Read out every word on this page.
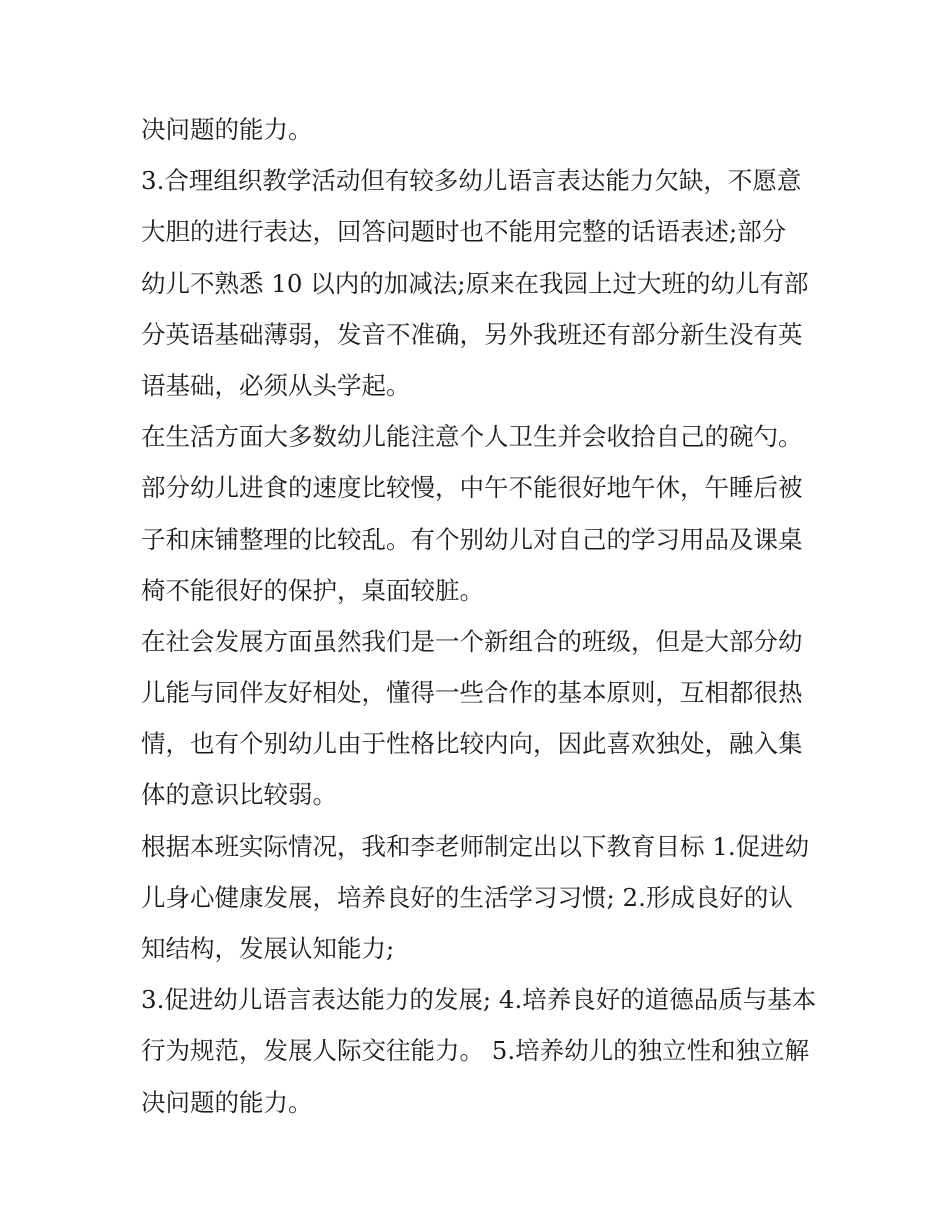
决问题的能力。
3.合理组织教学活动但有较多幼儿语言表达能力欠缺，不愿意
大胆的进行表达，回答问题时也不能用完整的话语表述;部分
幼儿不熟悉 10 以内的加减法;原来在我园上过大班的幼儿有部
分英语基础薄弱，发音不准确，另外我班还有部分新生没有英
语基础，必须从头学起。
在生活方面大多数幼儿能注意个人卫生并会收拾自己的碗勺。
部分幼儿进食的速度比较慢，中午不能很好地午休，午睡后被
子和床铺整理的比较乱。有个别幼儿对自己的学习用品及课桌
椅不能很好的保护，桌面较脏。
在社会发展方面虽然我们是一个新组合的班级，但是大部分幼
儿能与同伴友好相处，懂得一些合作的基本原则，互相都很热
情，也有个别幼儿由于性格比较内向，因此喜欢独处，融入集
体的意识比较弱。
根据本班实际情况，我和李老师制定出以下教育目标 1.促进幼
儿身心健康发展，培养良好的生活学习习惯; 2.形成良好的认
知结构，发展认知能力;
3.促进幼儿语言表达能力的发展; 4.培养良好的道德品质与基本
行为规范，发展人际交往能力。 5.培养幼儿的独立性和独立解
决问题的能力。
